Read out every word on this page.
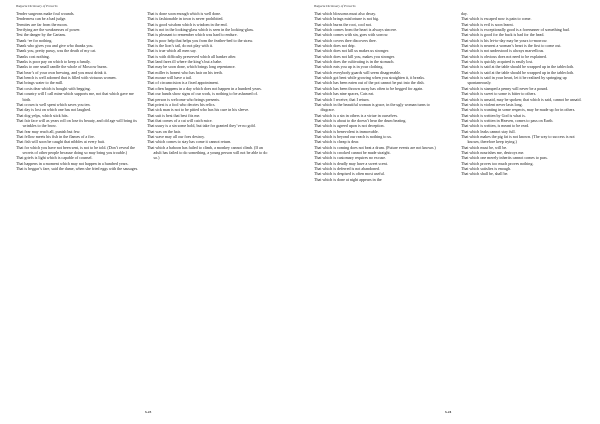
Bulgaria Dictionary of Proverbs

Tender surgeons make foul wounds.

Tenderness can be a bad judge.

Termites are far from the moon.

Terrifying are the weaknesses of power.

Test the danger by the Cartans.

Thank ‘ee for nothing.

Thank who gives you and give who thanks you.

Thank you, pretty pussy, was the death of my cat.

Thanks cost nothing.

Thanks is poor pay on which to keep a family.

Thanks to one small candle the whole of Moscow burns.

That bear’s of your own brewing, and you must drink it.

That bench is well adorned that is filled with virtuous women.

That brings water to the mill.

That costs dear which is bought with begging.

That country will I call mine which supports me, not that which gave me birth.

That crown is well spent which saves you ten.

That day is lost on which one has not laughed.

That dog yelps, which stick hits.

That fair face will as years roll on lose its beauty, and old age will bring its wrinkles to the brow.

That fear may reach all, punish but few.

That fellow meets his fish in the flames of a fire.

That fish will soon be caught that nibbles at every bait.

That for which you have not been sent, is not to be told. (Don’t reveal the secrets of other people because doing so may bring you trouble.)

That griefs is light which is capable of counsel.

That happens in a moment which may not happen in a hundred years.

That is beggar’s fare, said the dame, when she fried eggs with the sausages.

That is done soon enough which is well done.

That is fashionable in town is never prohibited.

That is good wisdom which is wisdom in the end.

That is not in the looking-glass which is seen in the looking-glass.

That is pleasant to remember which was hard to endure.

That is poor help that helps you from the feather-bed to the straw.

That is the lion’s tail, do not play with it.

That is true which all men say.

That is with difficulty preserved which all hanker after.

That land fares ill where the king’s but a babe.

That may be soon done, which brings long repentance.

That miller is honest who has hair on his teeth.

That mouse will have a tail.

That of circumcision is a fixed appointment.

That often happens in a day which does not happen in a hundred years.

That our hands show signs of our work, is nothing to be ashamed of.

That person is welcome who brings presents.

That priest is a fool who decries his relics.

That sick man is not to be pitied who has his cure in his sleeve.

That suit is best that best fits me.

That that comes of a cat will catch mice.

That usury is a sin some hold, but take for granted they’ve no gold.

That was on the hair.

That wave may all our foes destroy.

That which comes to stay has come it cannot return.

That which a baboon has failed to climb, a monkey cannot climb. (If an adult has failed to do something, a young person will not be able to do so.)

S-23
Bulgaria Dictionary of Proverbs

That which blossoms must also decay.

That which brings misfortune is not big.

That which burns the root, cool not.

That which comes from the heart is always sincere.

That which comes with sin, goes with sorrow.

That which covers thee discovers thee.

That which does not drip.

That which does not kill us makes us stronger.

That which does not kill you, makes you stronger.

That which does the cultivating is in the stomach.

That which eats you up is in your clothing.

That which everybody guards will seem disagreeable.

That which got bent while growing when you straighten it, it breaks.

That which has been eaten out of the pot cannot be put into the dish.

That which has been thrown away has often to be begged for again.

That which has nine spaces, Cats eat.

That which I receive, that I return.

That which in the beautiful woman is grace, in the ugly woman turns to disgrace.

That which is a sin in others is a virtue in ourselves.

That which is about to die doesn’t hear the drum beating.

That which is agreed upon is not deception.

That which is benevolent is immovable.

That which is beyond our reach is nothing to us.

That which is cheap is dear.

That which is coming does not beat a drum. (Future events are not known.)

That which is crooked cannot be made straight.

That which is customary requires no excuse.

That which is deadly may have a sweet scent.

That which is deferred is not abandoned.

That which is despised is often most useful.

That which is done at night appears in the

day.

That which is escaped now is pain to come.

That which is evil is soon learnt.

That which is exceptionally good is a forerunner of something bad.

That which is good for the back is bad for the head.

That which is his let-to-day may be yours to-morrow.

That which is nearest a woman’s heart is the first to come out.

That which is not understood is always marvellous.

That which is obvious does not need to be explained.

That which is quickly acquired is easily lost.

That which is said at the table should be wrapped up in the tablecloth.

That which is said at the table should be wrapped up in the tablecloth.

That which is said in your heart, let it be realized by springing up spontaneously.

That which is stamped a penny will never be a pound.

That which is sweet to some is bitter to others.

That which is unsaid, may be spoken; that which is said, cannot be unsaid.

That which is violent never lasts long.

That which is wanting in some respects, may be made up for in others.

That which is written by God is what is.

That which is written in Heaven, comes to pass on Earth.

That which is written, is meant to be read.

That which leaks cannot stay full.

That which makes the pig fat is not known. (The way to success is not known, therefore keep trying.)

That which must be, will be.

That which nourishes me, destroys me.

That which one merely inherits cannot comes to pass.

That which proves too much proves nothing.

That which satisfies is enough.

That which shall be, shall be.

S-24
